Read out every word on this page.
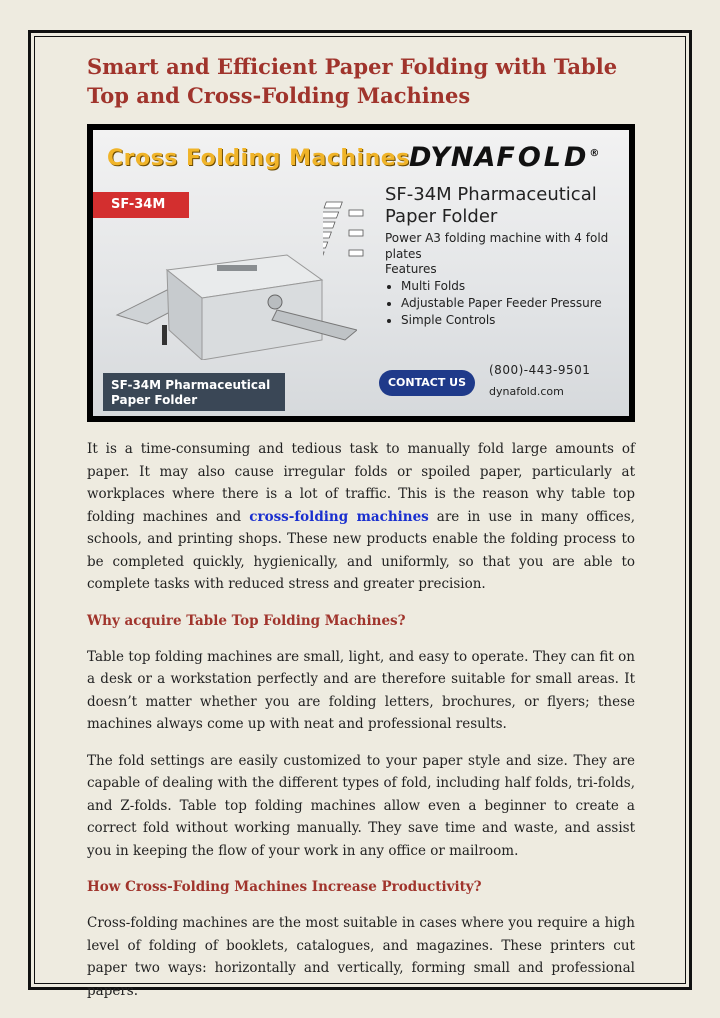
Smart and Efficient Paper Folding with Table Top and Cross-Folding Machines
Cross Folding Machines DYNAFOLD®
SF-34M	SF-34M Pharmaceutical Paper Folder
Power A3 folding machine with 4 fold plates
Features
• Multi Folds
• Adjustable Paper Feeder Pressure
• Simple Controls
SF-34M Pharmaceutical Paper Folder
CONTACT US
(800)-443-9501
dynafold.com

It is a time-consuming and tedious task to manually fold large amounts of paper. It may also cause irregular folds or spoiled paper, particularly at workplaces where there is a lot of traffic. This is the reason why table top folding machines and cross-folding machines are in use in many offices, schools, and printing shops. These new products enable the folding process to be completed quickly, hygienically, and uniformly, so that you are able to complete tasks with reduced stress and greater precision.

Why acquire Table Top Folding Machines?

Table top folding machines are small, light, and easy to operate. They can fit on a desk or a workstation perfectly and are therefore suitable for small areas. It doesn’t matter whether you are folding letters, brochures, or flyers; these machines always come up with neat and professional results.

The fold settings are easily customized to your paper style and size. They are capable of dealing with the different types of fold, including half folds, tri-folds, and Z-folds. Table top folding machines allow even a beginner to create a correct fold without working manually. They save time and waste, and assist you in keeping the flow of your work in any office or mailroom.

How Cross-Folding Machines Increase Productivity?

Cross-folding machines are the most suitable in cases where you require a high level of folding of booklets, catalogues, and magazines. These printers cut paper two ways: horizontally and vertically, forming small and professional papers.
